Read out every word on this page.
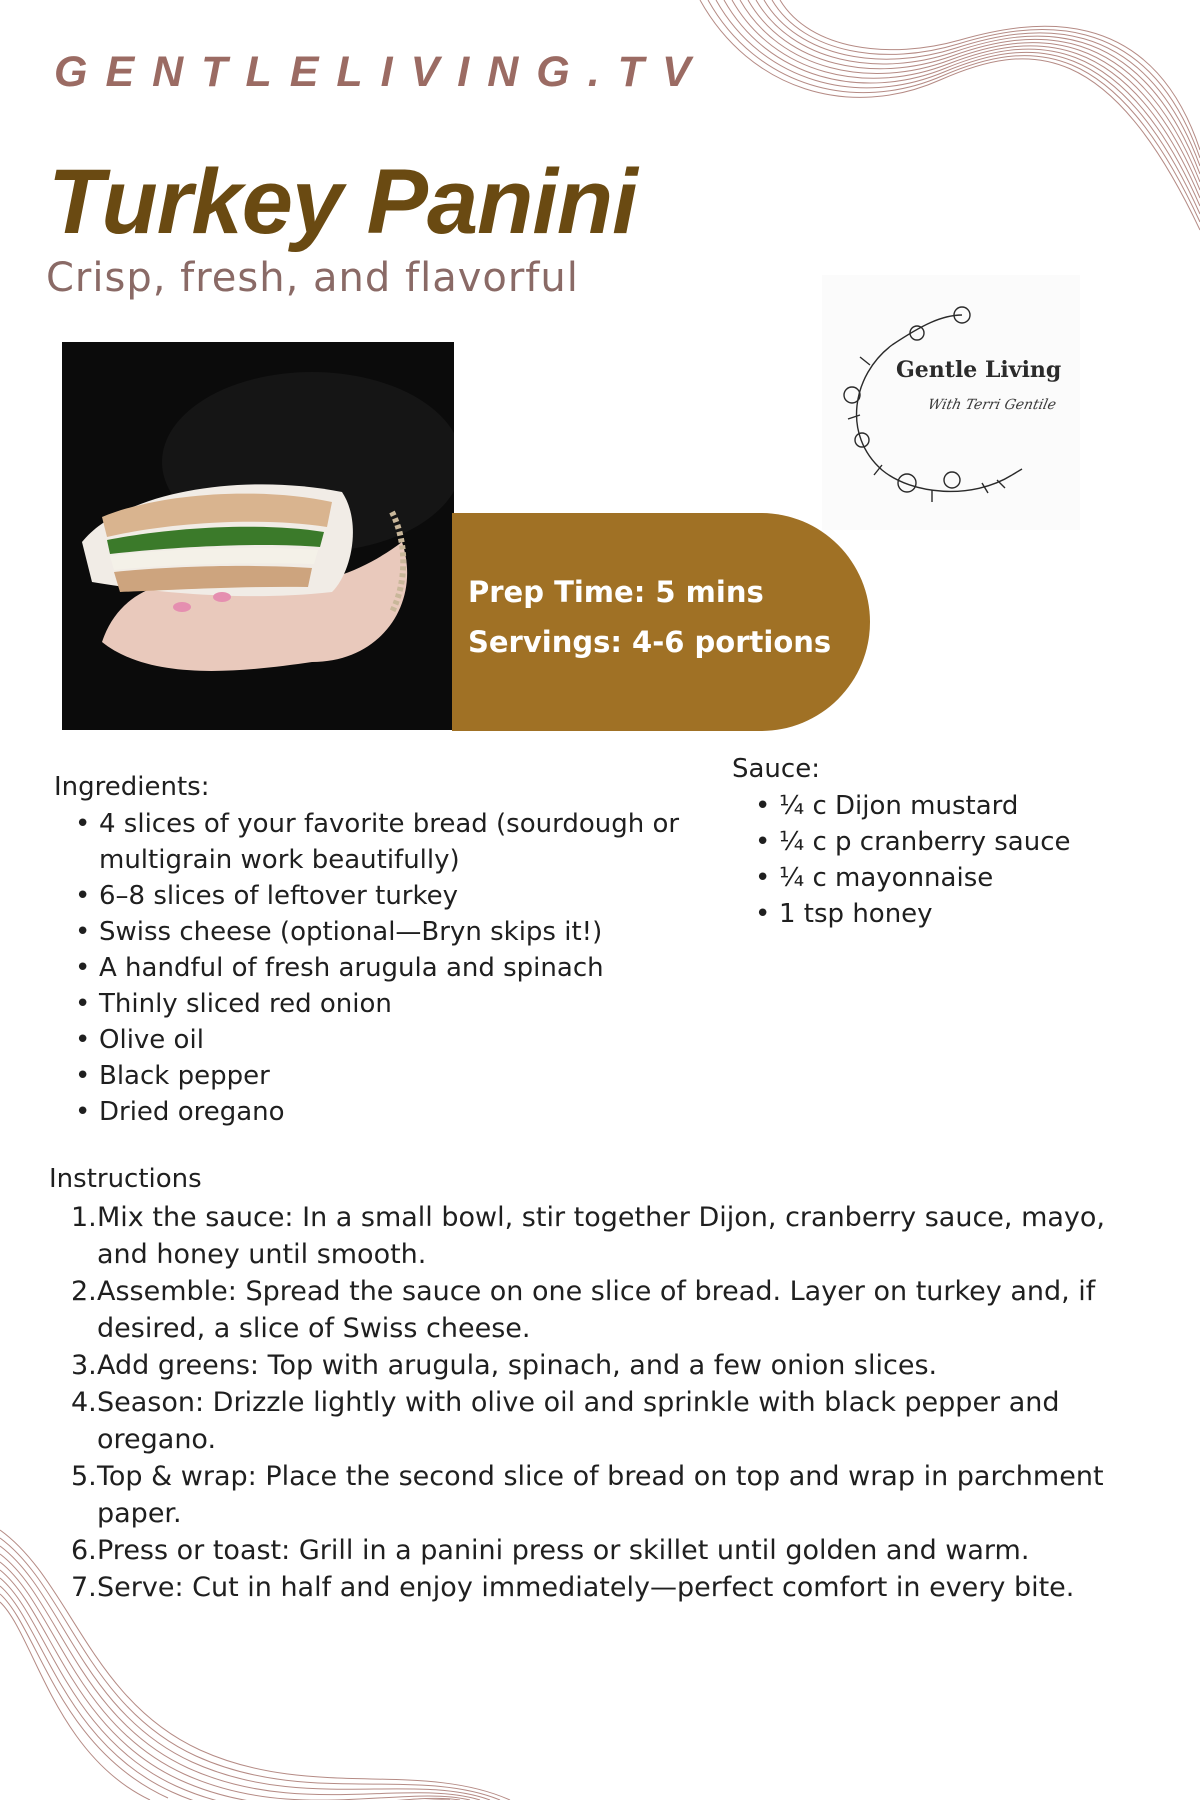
GENTLELIVING.TV
Turkey Panini
Crisp, fresh, and flavorful
Prep Time: 5 mins
Servings: 4-6 portions
Gentle Living
With Terri Gentile
Ingredients:
• 4 slices of your favorite bread (sourdough or multigrain work beautifully)
• 6–8 slices of leftover turkey
• Swiss cheese (optional—Bryn skips it!)
• A handful of fresh arugula and spinach
• Thinly sliced red onion
• Olive oil
• Black pepper
• Dried oregano
Sauce:
• ¼ c Dijon mustard
• ¼ c p cranberry sauce
• ¼ c mayonnaise
• 1 tsp honey
Instructions
1. Mix the sauce: In a small bowl, stir together Dijon, cranberry sauce, mayo, and honey until smooth.
2. Assemble: Spread the sauce on one slice of bread. Layer on turkey and, if desired, a slice of Swiss cheese.
3. Add greens: Top with arugula, spinach, and a few onion slices.
4. Season: Drizzle lightly with olive oil and sprinkle with black pepper and oregano.
5. Top & wrap: Place the second slice of bread on top and wrap in parchment paper.
6. Press or toast: Grill in a panini press or skillet until golden and warm.
7. Serve: Cut in half and enjoy immediately—perfect comfort in every bite.
